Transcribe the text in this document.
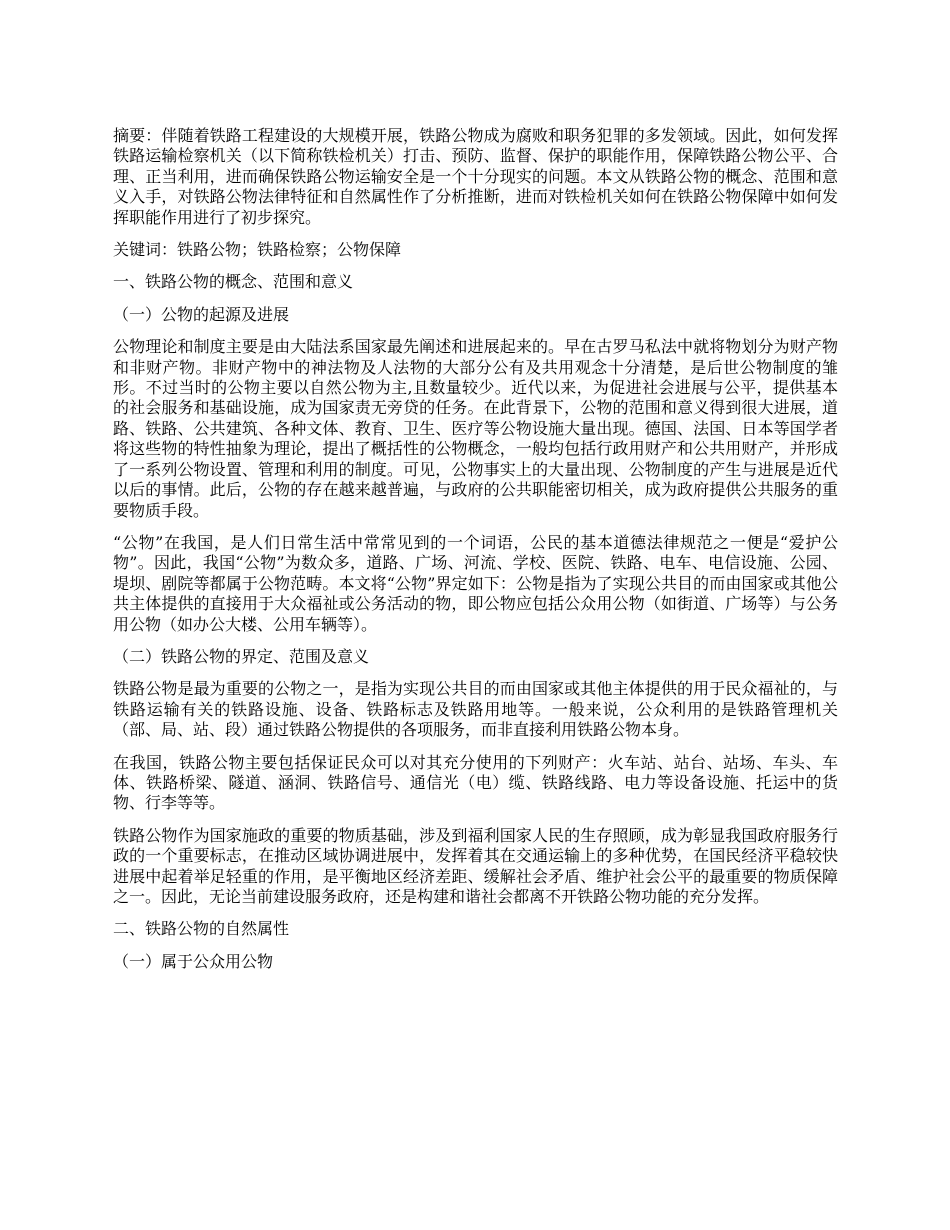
摘要：伴随着铁路工程建设的大规模开展，铁路公物成为腐败和职务犯罪的多发领域。因此，如何发挥铁路运输检察机关（以下简称铁检机关）打击、预防、监督、保护的职能作用，保障铁路公物公平、合理、正当利用，进而确保铁路公物运输安全是一个十分现实的问题。本文从铁路公物的概念、范围和意义入手，对铁路公物法律特征和自然属性作了分析推断，进而对铁检机关如何在铁路公物保障中如何发挥职能作用进行了初步探究。

关键词：铁路公物；铁路检察；公物保障

一、铁路公物的概念、范围和意义

（一）公物的起源及进展

公物理论和制度主要是由大陆法系国家最先阐述和进展起来的。早在古罗马私法中就将物划分为财产物和非财产物。非财产物中的神法物及人法物的大部分公有及共用观念十分清楚，是后世公物制度的雏形。不过当时的公物主要以自然公物为主,且数量较少。近代以来，为促进社会进展与公平，提供基本的社会服务和基础设施，成为国家责无旁贷的任务。在此背景下，公物的范围和意义得到很大进展，道路、铁路、公共建筑、各种文体、教育、卫生、医疗等公物设施大量出现。德国、法国、日本等国学者将这些物的特性抽象为理论，提出了概括性的公物概念，一般均包括行政用财产和公共用财产，并形成了一系列公物设置、管理和利用的制度。可见，公物事实上的大量出现、公物制度的产生与进展是近代以后的事情。此后，公物的存在越来越普遍，与政府的公共职能密切相关，成为政府提供公共服务的重要物质手段。

“公物”在我国，是人们日常生活中常常见到的一个词语，公民的基本道德法律规范之一便是“爱护公物”。因此，我国“公物”为数众多，道路、广场、河流、学校、医院、铁路、电车、电信设施、公园、堤坝、剧院等都属于公物范畴。本文将“公物”界定如下：公物是指为了实现公共目的而由国家或其他公共主体提供的直接用于大众福祉或公务活动的物，即公物应包括公众用公物（如街道、广场等）与公务用公物（如办公大楼、公用车辆等）。

（二）铁路公物的界定、范围及意义

铁路公物是最为重要的公物之一，是指为实现公共目的而由国家或其他主体提供的用于民众福祉的，与铁路运输有关的铁路设施、设备、铁路标志及铁路用地等。一般来说，公众利用的是铁路管理机关（部、局、站、段）通过铁路公物提供的各项服务，而非直接利用铁路公物本身。

在我国，铁路公物主要包括保证民众可以对其充分使用的下列财产：火车站、站台、站场、车头、车体、铁路桥梁、隧道、涵洞、铁路信号、通信光（电）缆、铁路线路、电力等设备设施、托运中的货物、行李等等。

铁路公物作为国家施政的重要的物质基础，涉及到福利国家人民的生存照顾，成为彰显我国政府服务行政的一个重要标志，在推动区域协调进展中，发挥着其在交通运输上的多种优势，在国民经济平稳较快进展中起着举足轻重的作用，是平衡地区经济差距、缓解社会矛盾、维护社会公平的最重要的物质保障之一。因此，无论当前建设服务政府，还是构建和谐社会都离不开铁路公物功能的充分发挥。

二、铁路公物的自然属性

（一）属于公众用公物
